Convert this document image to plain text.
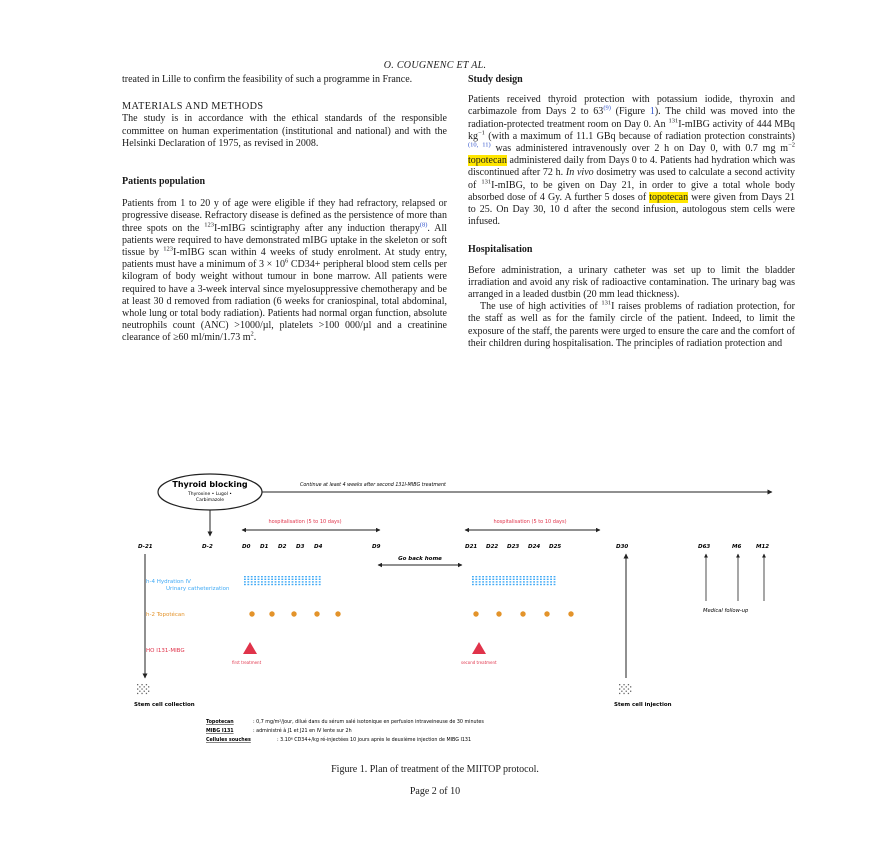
O. COUGNENC ET AL.

treated in Lille to confirm the feasibility of such a programme in France.

MATERIALS AND METHODS

The study is in accordance with the ethical standards of the responsible committee on human experimentation (institutional and national) and with the Helsinki Declaration of 1975, as revised in 2008.

Patients population

Patients from 1 to 20 y of age were eligible if they had refractory, relapsed or progressive disease. Refractory disease is defined as the persistence of more than three spots on the $^{123}$I-mIBG scintigraphy after any induction therapy$^{(8)}$. All patients were required to have demonstrated mIBG uptake in the skeleton or soft tissue by $^{123}$I-mIBG scan within 4 weeks of study enrolment. At study entry, patients must have a minimum of $3 \times 10^6$ CD34+ peripheral blood stem cells per kilogram of body weight without tumour in bone marrow. All patients were required to have a 3-week interval since myelosuppressive chemotherapy and be at least 30 d removed from radiation (6 weeks for craniospinal, total abdominal, whole lung or total body radiation). Patients had normal organ function, absolute neutrophils count (ANC) >1000/µl, platelets >100 000/µl and a creatinine clearance of ≥60 ml/min/1.73 $m^2$.

Study design

Patients received thyroid protection with potassium iodide, thyroxin and carbimazole from Days 2 to 63$^{(9)}$ (Figure 1). The child was moved into the radiation-protected treatment room on Day 0. An $^{131}$I-mIBG activity of 444 MBq $kg^{-1}$ (with a maximum of 11.1 GBq because of radiation protection constraints)$^{(10, 11)}$ was administered intravenously over 2 h on Day 0, with 0.7 mg $m^{-2}$ topotecan administered daily from Days 0 to 4. Patients had hydration which was discontinued after 72 h. In vivo dosimetry was used to calculate a second activity of $^{131}$I-mIBG, to be given on Day 21, in order to give a total whole body absorbed dose of 4 Gy. A further 5 doses of topotecan were given from Days 21 to 25. On Day 30, 10 d after the second infusion, autologous stem cells were infused.

Hospitalisation

Before administration, a urinary catheter was set up to limit the bladder irradiation and avoid any risk of radioactive contamination. The urinary bag was arranged in a leaded dustbin (20 mm lead thickness).

The use of high activities of $^{131}$I raises problems of radiation protection, for the staff as well as for the family circle of the patient. Indeed, to limit the exposure of the staff, the parents were urged to ensure the care and the comfort of their children during hospitalisation. The principles of radiation protection and

Thyroid blocking
Thyroxine • Lugol •
Carbimazole
Continue at least 4 weeks after second 131I-MIBG treatment
hospitalisation (5 to 10 days)	hospitalisation (5 to 10 days)
D-21	D-2	D0 D1 D2 D3 D4	D9	D21 D22 D23 D24 D25	D30	D63	M6	M12
Go back home
Medical follow-up
h-4 Hydration IV
Urinary catheterization
h-2 Topotécan
HO I131-MIBG
first treatment	second treatment
Stem cell collection	Stem cell injection
Topotecan	: 0,7 mg/m²/jour, dilué dans du sérum salé isotonique en perfusion intraveineuse de 30 minutes
MIBG I131	: administré à J1 et J21 en IV lente sur 2h
Cellules souches	: 3.10⁶ CD34+/kg ré-injectées 10 jours après le deuxième injection de MIBG I131
Figure 1. Plan of treatment of the MIITOP protocol.
Page 2 of 10
